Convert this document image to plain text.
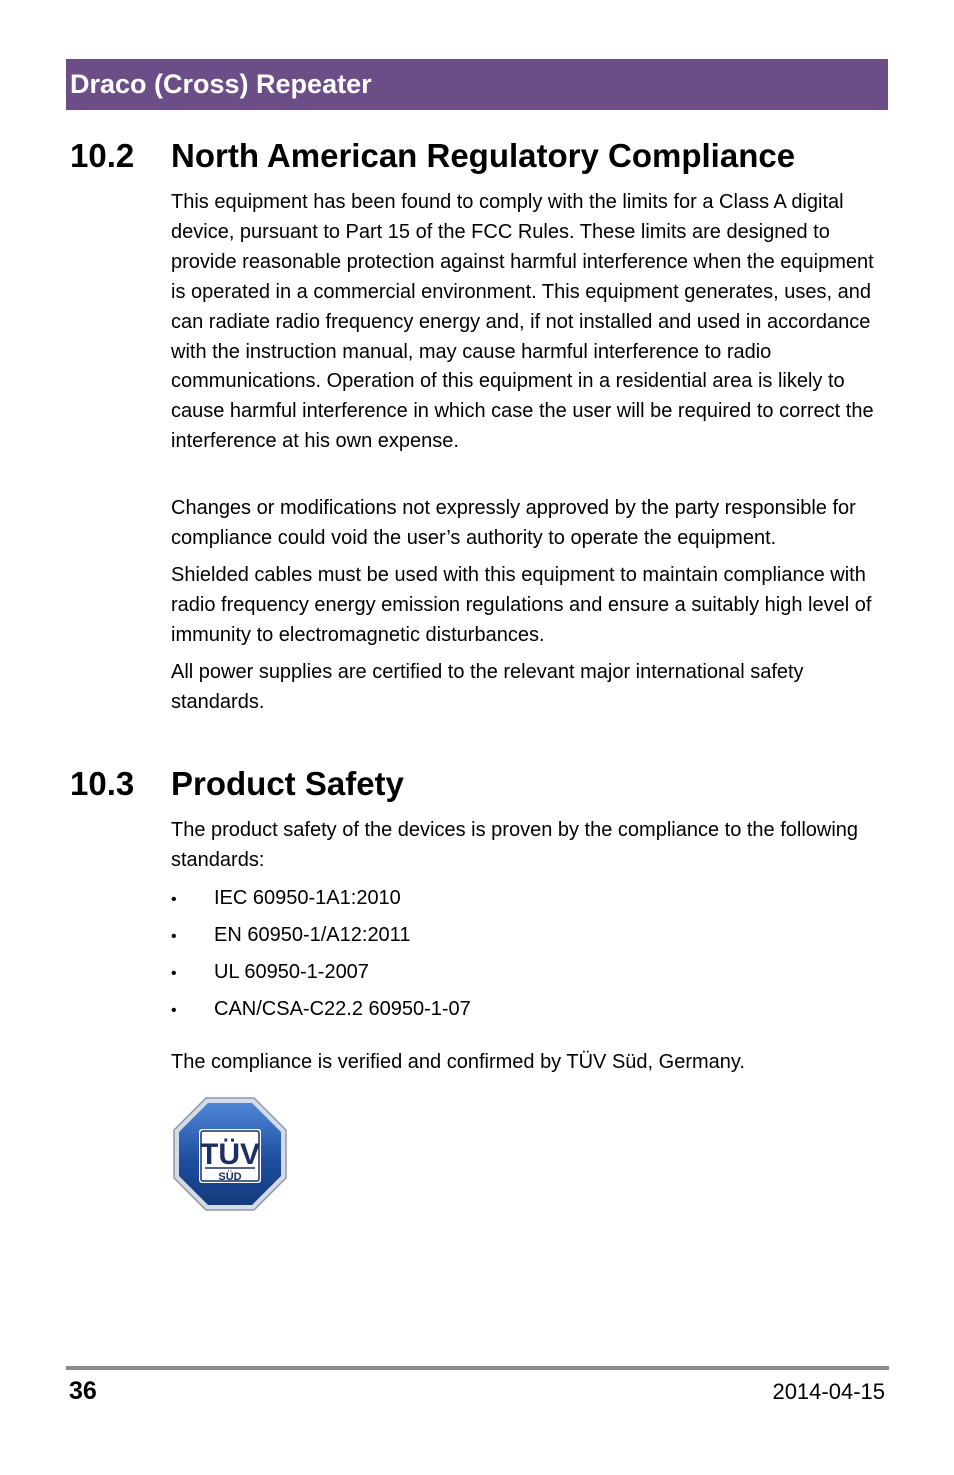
Draco (Cross) Repeater
10.2 North American Regulatory Compliance
This equipment has been found to comply with the limits for a Class A digital device, pursuant to Part 15 of the FCC Rules. These limits are designed to provide reasonable protection against harmful interference when the equipment is operated in a commercial environment. This equipment generates, uses, and can radiate radio frequency energy and, if not installed and used in accordance with the instruction manual, may cause harmful interference to radio communications. Operation of this equipment in a residential area is likely to cause harmful interference in which case the user will be required to correct the interference at his own expense.
Changes or modifications not expressly approved by the party responsible for compliance could void the user’s authority to operate the equipment.
Shielded cables must be used with this equipment to maintain compliance with radio frequency energy emission regulations and ensure a suitably high level of immunity to electromagnetic disturbances.
All power supplies are certified to the relevant major international safety standards.
10.3 Product Safety
The product safety of the devices is proven by the compliance to the following standards:
• IEC 60950-1A1:2010
• EN 60950-1/A12:2011
• UL 60950-1-2007
• CAN/CSA-C22.2 60950-1-07
The compliance is verified and confirmed by TÜV Süd, Germany.
TÜV
SÜD
36	2014-04-15
